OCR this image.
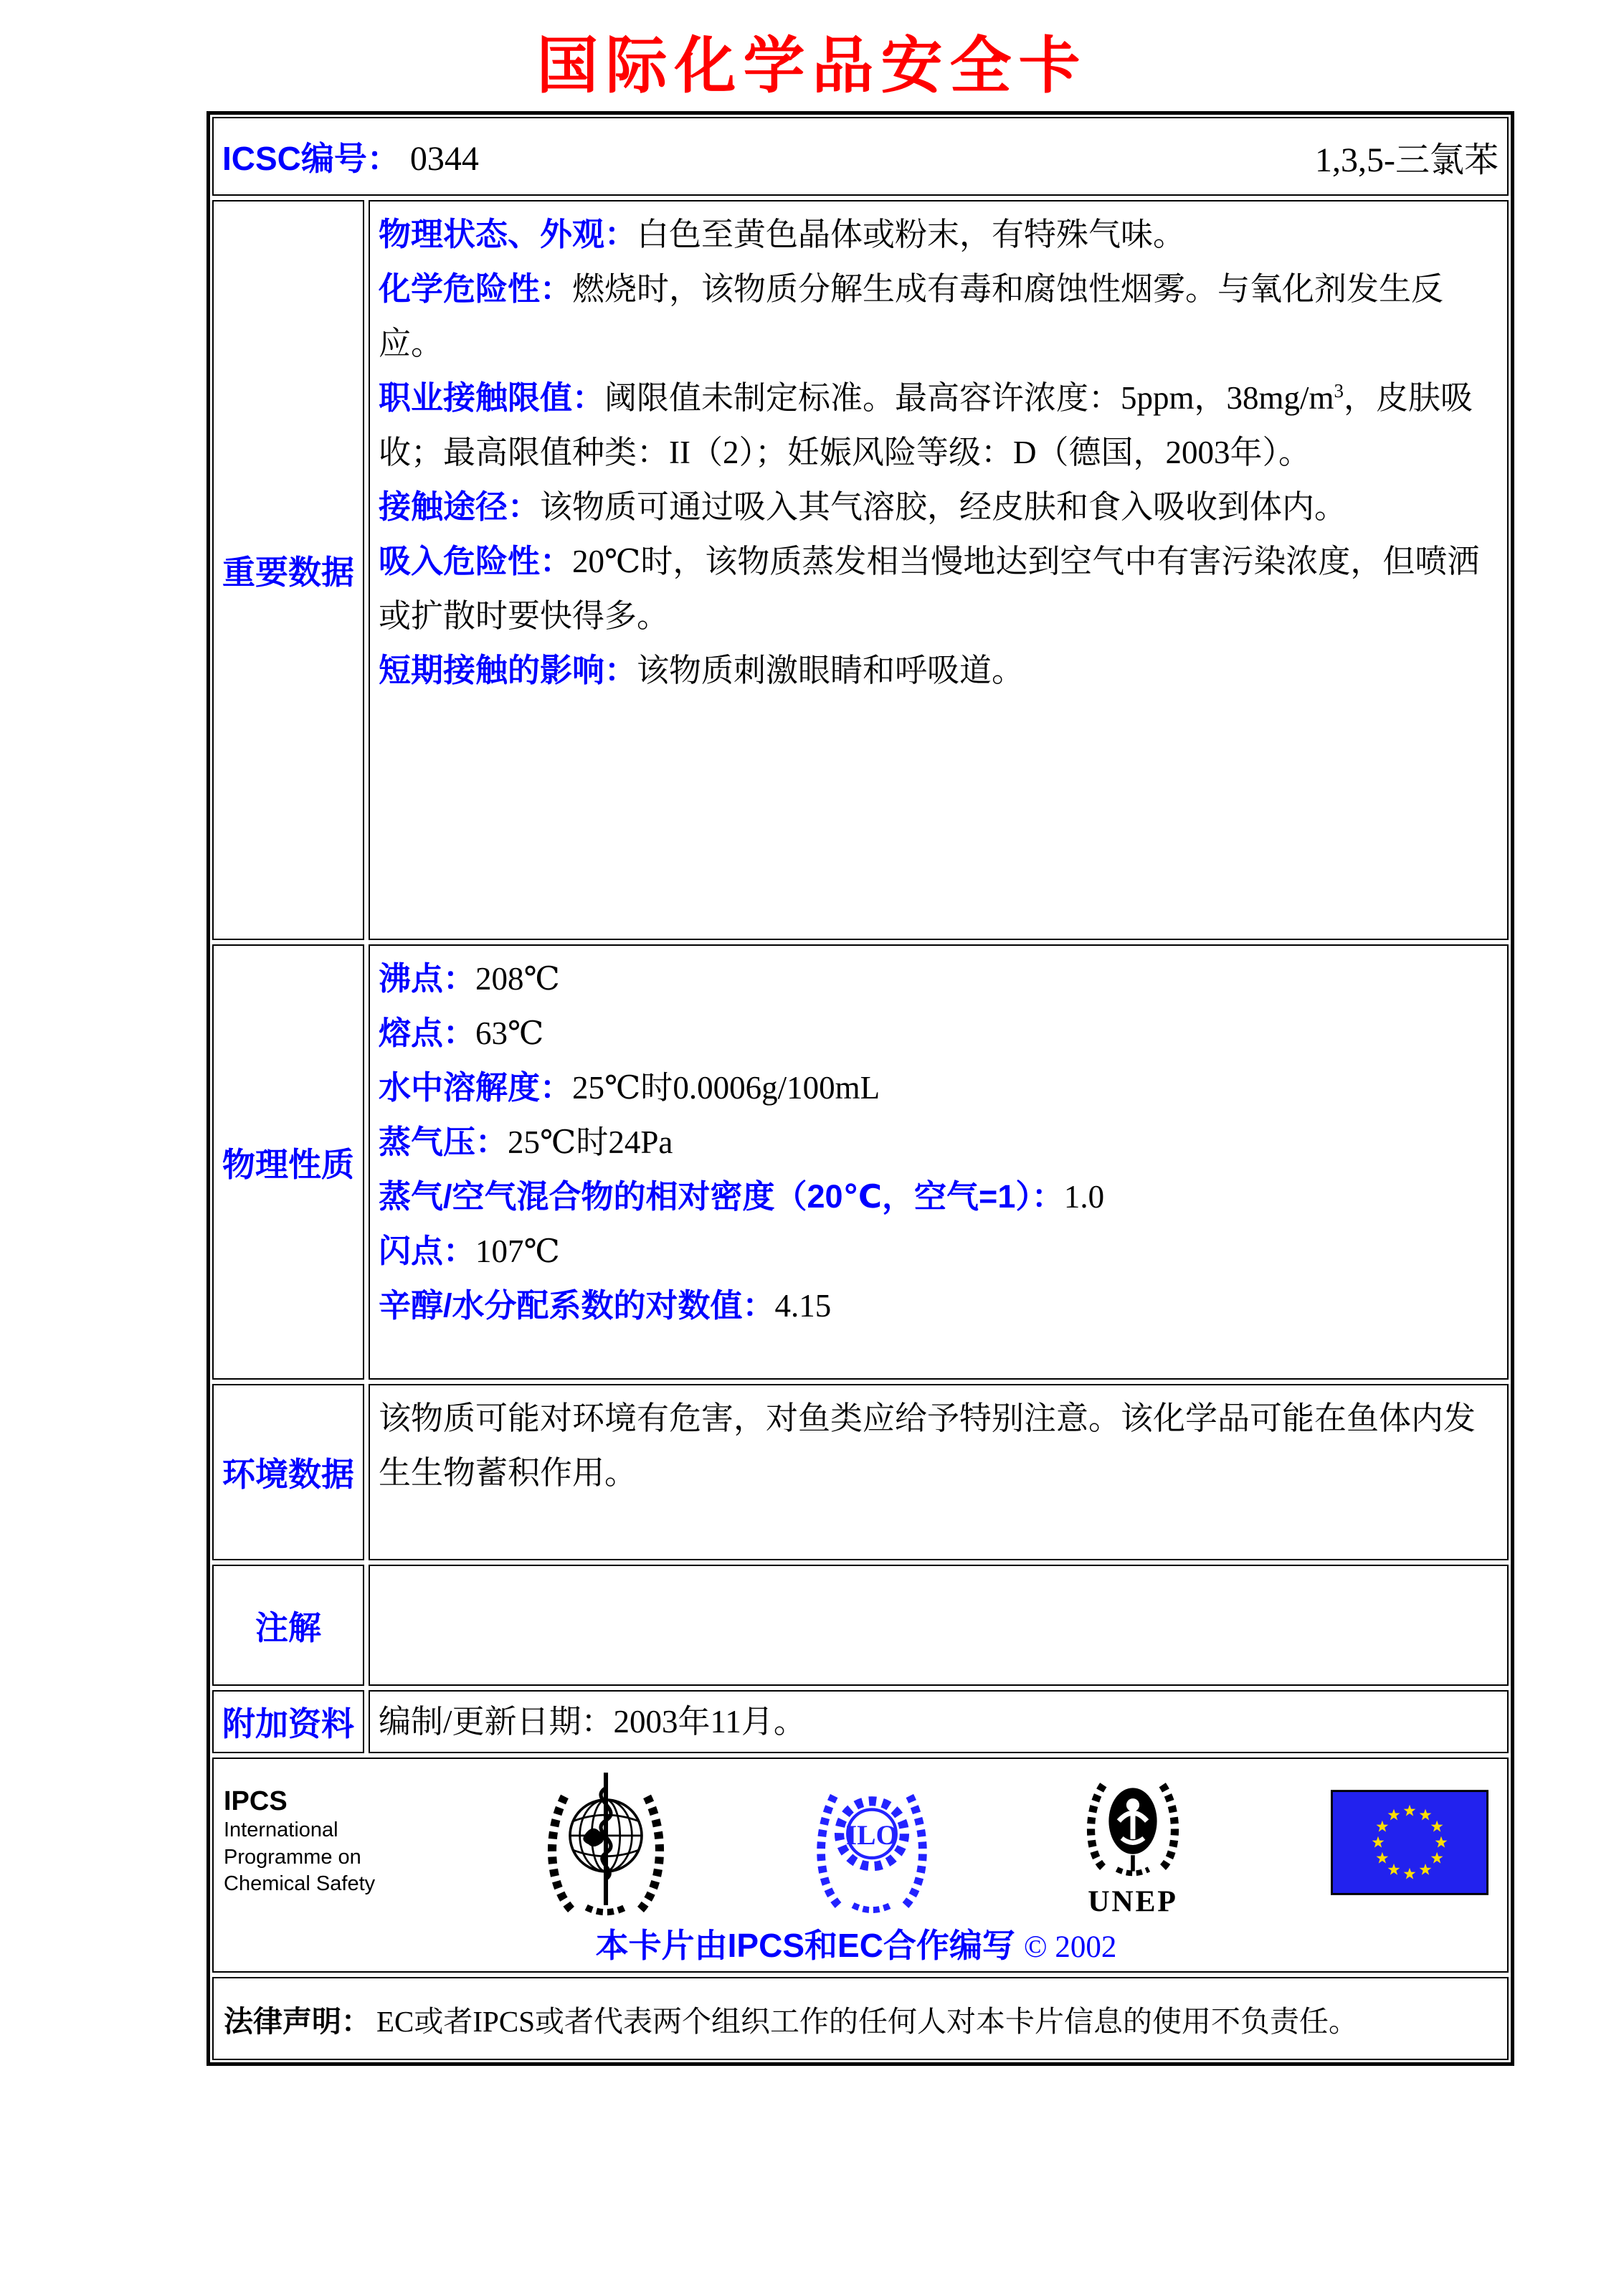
国际化学品安全卡
ICSC编号： 0344	1,3,5-三氯苯
重要数据

物理状态、外观：白色至黄色晶体或粉末，有特殊气味。

化学危险性：燃烧时，该物质分解生成有毒和腐蚀性烟雾。与氧化剂发生反应。

职业接触限值：阈限值未制定标准。最高容许浓度：5ppm，$38mg/m^3$，皮肤吸收；最高限值种类：II（2）；妊娠风险等级：D（德国，2003年）。

接触途径：该物质可通过吸入其气溶胶，经皮肤和食入吸收到体内。

吸入危险性：20℃时，该物质蒸发相当慢地达到空气中有害污染浓度，但喷洒或扩散时要快得多。

短期接触的影响：该物质刺激眼睛和呼吸道。

物理性质

沸点：208℃

熔点：63℃

水中溶解度：25℃时0.0006g/100mL

蒸气压：25℃时24Pa

蒸气/空气混合物的相对密度（20℃，空气=1）：1.0

闪点：107℃

辛醇/水分配系数的对数值：4.15

环境数据

该物质可能对环境有危害，对鱼类应给予特别注意。该化学品可能在鱼体内发生生物蓄积作用。

注解
附加资料 编制/更新日期：2003年11月。

IPCS
International
Programme on
Chemical Safety
ILO
UNEP
本卡片由IPCS和EC合作编写 © 2002
法律声明： EC或者IPCS或者代表两个组织工作的任何人对本卡片信息的使用不负责任。
